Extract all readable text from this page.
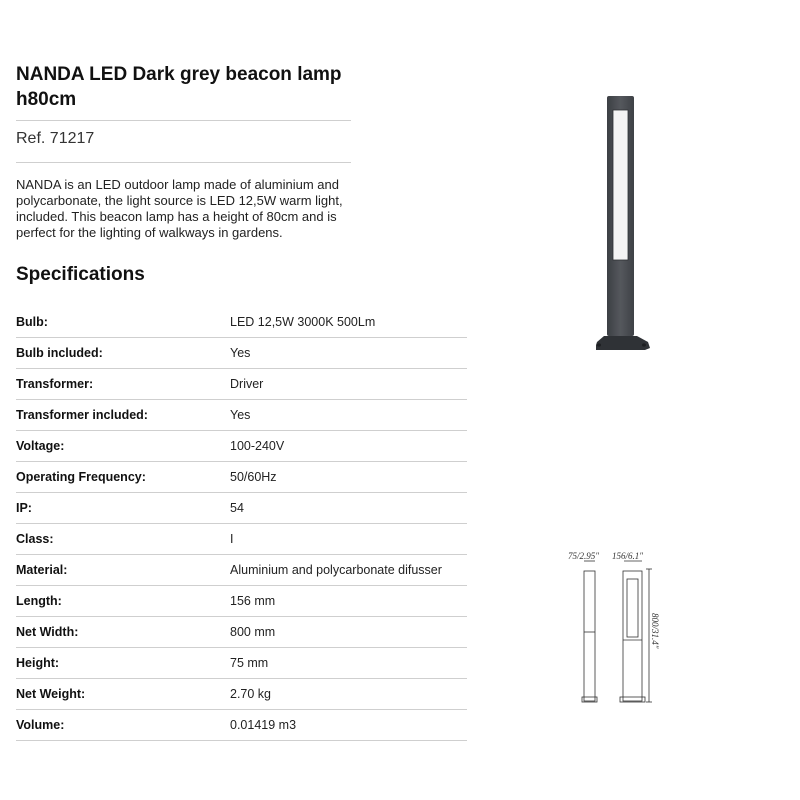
NANDA LED Dark grey beacon lamp h80cm
Ref. 71217

NANDA is an LED outdoor lamp made of aluminium and polycarbonate, the light source is LED 12,5W warm light, included. This beacon lamp has a height of 80cm and is perfect for the lighting of walkways in gardens.

Specifications
Bulb:	LED 12,5W 3000K 500Lm
Bulb included:	Yes
Transformer:	Driver
Transformer included:	Yes
Voltage:	100-240V
Operating Frequency:	50/60Hz
IP:	54
Class:	I
Material:	Aluminium and polycarbonate difusser
Length:	156 mm
Net Width:	800 mm
Height:	75 mm
Net Weight:	2.70 kg
Volume:	0.01419 m3
75/2.95" 156/6.1"
800/31.4"
